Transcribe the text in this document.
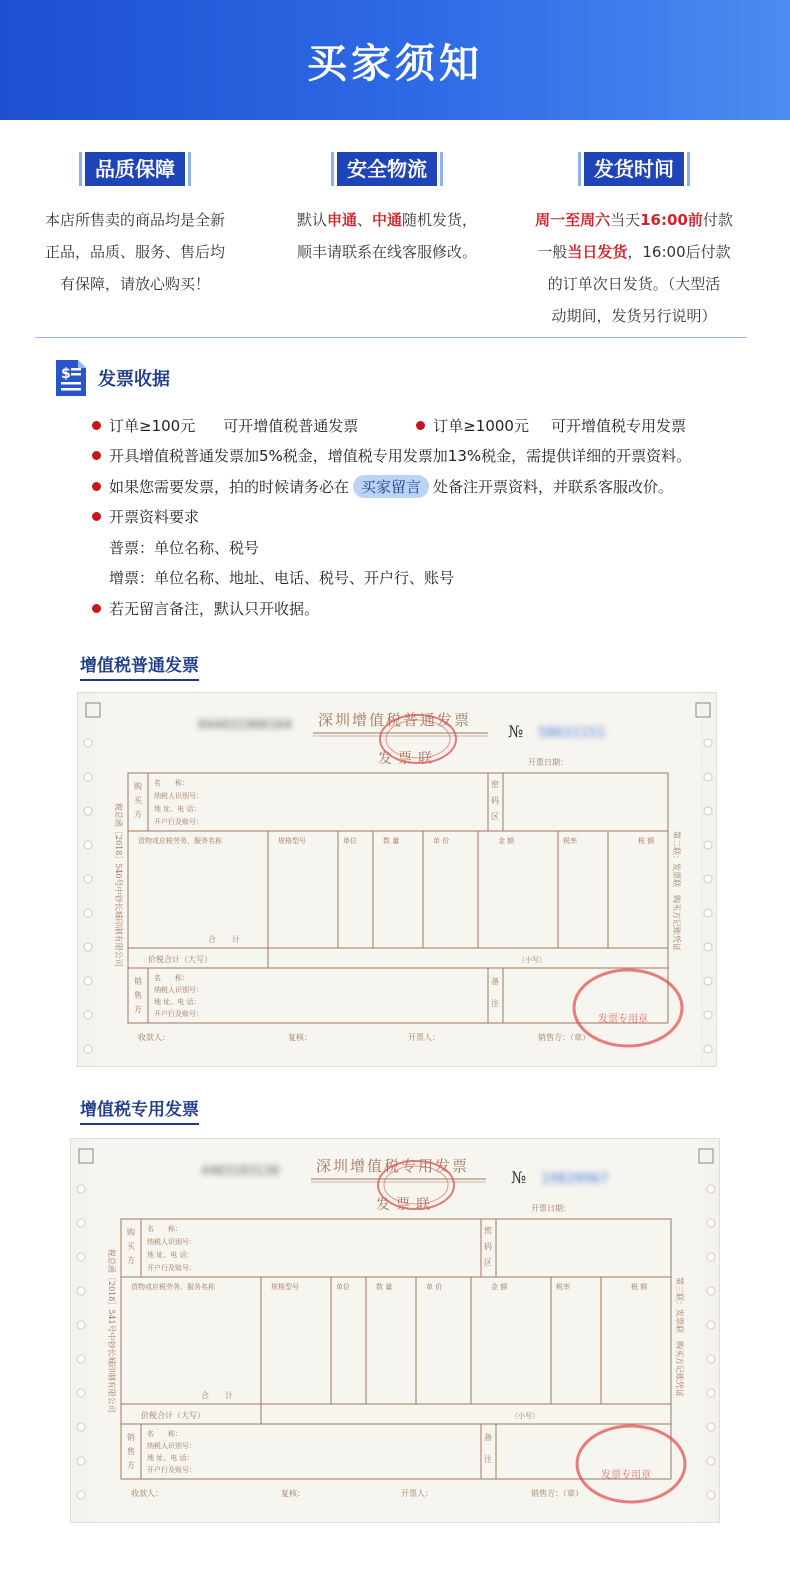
买家须知
品质保障
本店所售卖的商品均是全新
正品，品质、服务、售后均
有保障，请放心购买！
安全物流
默认申通、中通随机发货，
顺丰请联系在线客服修改。
发货时间
周一至周六当天16:00前付款
一般当日发货，16:00后付款
的订单次日发货。（大型活
动期间，发货另行说明）
$ 发票收据
订单≥100元 可开增值税普通发票	订单≥1000元 可开增值税专用发票
开具增值税普通发票加5%税金，增值税专用发票加13%税金，需提供详细的开票资料。
如果您需要发票，拍的时候请务必在 买家留言 处备注开票资料，并联系客服改价。
开票资料要求
普票：单位名称、税号
增票：单位名称、地址、电话、税号、开户行、账号
若无留言备注，默认只开收据。
增值税普通发票
深圳增值税普通发票
发票联
044031900104	№ 58631151
开票日期：
购
买
方
名　　称：
纳税人识别号：
地 址、电 话：
开户行及账号：
密
码
区
货物或应税劳务、服务名称	规格型号	单位	数 量	单 价	金 额	税率	税 额
合　　计
价税合计（大写）	（小写）
销
售
方
名　　称：
纳税人识别号：
地 址、电 话：
开户行及账号：
备
注
收款人：	复核：	开票人：	销售方：（章）
税总函［2018］540号中钞长城印制有限公司	第二联：发票联　购买方记账凭证
发票专用章
增值税专用发票
深圳增值税专用发票
发票联
4403183130	№ 19839967
开票日期：
购
买
方
名　　称：
纳税人识别号：
地 址、电 话：
开户行及账号：
密
码
区
货物或应税劳务、服务名称	规格型号	单位	数 量	单 价	金 额	税率	税 额
合　　计
价税合计（大写）	（小写）
销
售
方
名　　称：
纳税人识别号：
地 址、电 话：
开户行及账号：
备
注
收款人：	复核：	开票人：	销售方：（章）
税总函［2018］541号中钞长城印制有限公司	第三联：发票联　购买方记账凭证
发票专用章
